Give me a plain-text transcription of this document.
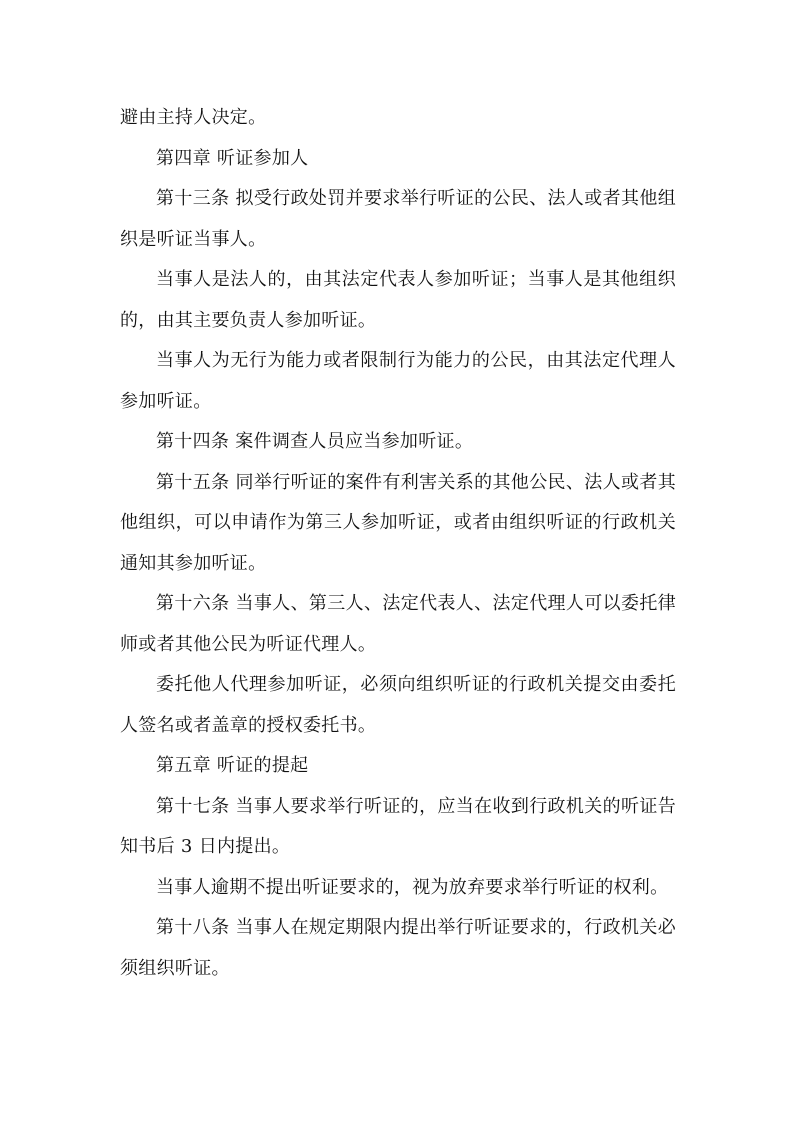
避由主持人决定。

第四章 听证参加人

第十三条 拟受行政处罚并要求举行听证的公民、法人或者其他组织是听证当事人。

当事人是法人的，由其法定代表人参加听证；当事人是其他组织的，由其主要负责人参加听证。

当事人为无行为能力或者限制行为能力的公民，由其法定代理人参加听证。

第十四条 案件调查人员应当参加听证。

第十五条 同举行听证的案件有利害关系的其他公民、法人或者其他组织，可以申请作为第三人参加听证，或者由组织听证的行政机关通知其参加听证。

第十六条 当事人、第三人、法定代表人、法定代理人可以委托律师或者其他公民为听证代理人。

委托他人代理参加听证，必须向组织听证的行政机关提交由委托人签名或者盖章的授权委托书。

第五章 听证的提起

第十七条 当事人要求举行听证的，应当在收到行政机关的听证告知书后 3 日内提出。

当事人逾期不提出听证要求的，视为放弃要求举行听证的权利。

第十八条 当事人在规定期限内提出举行听证要求的，行政机关必须组织听证。
